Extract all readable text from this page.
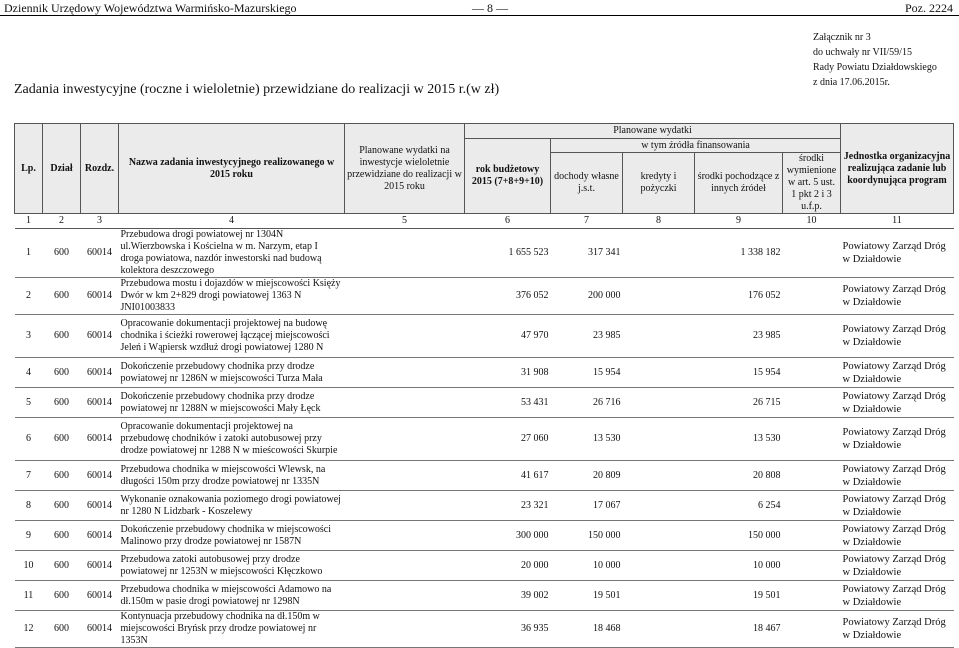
Dziennik Urzędowy Województwa Warmińsko-Mazurskiego	— 8 —	Poz. 2224
Załącznik nr 3
do uchwały nr VII/59/15
Rady Powiatu Działdowskiego
z dnia 17.06.2015r.
Zadania inwestycyjne (roczne i wieloletnie) przewidziane do realizacji w 2015 r.(w zł)
Lp.	Dział	Rozdz.	Nazwa zadania inwestycyjnego realizowanego w 2015 roku	Planowane wydatki na inwestycje wieloletnie przewidziane do realizacji w 2015 roku	Planowane wydatki					Jednostka organizacyjna realizująca zadanie lub koordynująca program
					rok budżetowy 2015 (7+8+9+10)	w tym źródła finansowania				
						dochody własne j.s.t.	kredyty i pożyczki	środki pochodzące z innych źródeł	środki wymienione w art. 5 ust. 1 pkt 2 i 3 u.f.p.	
1	2	3	4	5	6	7	8	9	10	11
1	600	60014	Przebudowa drogi powiatowej nr 1304N ul.Wierzbowska i Kościelna w m. Narzym, etap I droga powiatowa, nazdór inwestorski nad budową kolektora deszczowego		1 655 523	317 341		1 338 182		Powiatowy Zarząd Dróg w Działdowie
2	600	60014	Przebudowa mostu i dojazdów w miejscowości Księży Dwór w km 2+829 drogi powiatowej 1363 N JNI01003833		376 052	200 000		176 052		Powiatowy Zarząd Dróg w Działdowie
3	600	60014	Opracowanie dokumentacji projektowej na budowę chodnika i ścieżki rowerowej łączącej miejscowości Jeleń i Wąpiersk wzdłuż drogi powiatowej 1280 N		47 970	23 985		23 985		Powiatowy Zarząd Dróg w Działdowie
4	600	60014	Dokończenie przebudowy chodnika przy drodze powiatowej nr 1286N w miejscowości Turza Mała		31 908	15 954		15 954		Powiatowy Zarząd Dróg w Działdowie
5	600	60014	Dokończenie przebudowy chodnika przy drodze powiatowej nr 1288N w miejscowości Mały Łęck		53 431	26 716		26 715		Powiatowy Zarząd Dróg w Działdowie
6	600	60014	Opracowanie dokumentacji projektowej na przebudowę chodników i zatoki autobusowej przy drodze powiatowej nr 1288 N w mieścowości Skurpie		27 060	13 530		13 530		Powiatowy Zarząd Dróg w Działdowie
7	600	60014	Przebudowa chodnika w miejscowości Wlewsk, na długości 150m przy drodze powiatowej nr 1335N		41 617	20 809		20 808		Powiatowy Zarząd Dróg w Działdowie
8	600	60014	Wykonanie oznakowania poziomego drogi powiatowej nr 1280 N Lidzbark - Koszelewy		23 321	17 067		6 254		Powiatowy Zarząd Dróg w Działdowie
9	600	60014	Dokończenie przebudowy chodnika w miejscowości Malinowo przy drodze powiatowej nr 1587N		300 000	150 000		150 000		Powiatowy Zarząd Dróg w Działdowie
10	600	60014	Przebudowa zatoki autobusowej przy drodze powiatowej nr 1253N w miejscowości Kłęczkowo		20 000	10 000		10 000		Powiatowy Zarząd Dróg w Działdowie
11	600	60014	Przebudowa chodnika w miejscowości Adamowo na dł.150m w pasie drogi powiatowej nr 1298N		39 002	19 501		19 501		Powiatowy Zarząd Dróg w Działdowie
12	600	60014	Kontynuacja przebudowy chodnika na dł.150m w miejscowości Bryńsk przy drodze powiatowej nr 1353N		36 935	18 468		18 467		Powiatowy Zarząd Dróg w Działdowie
